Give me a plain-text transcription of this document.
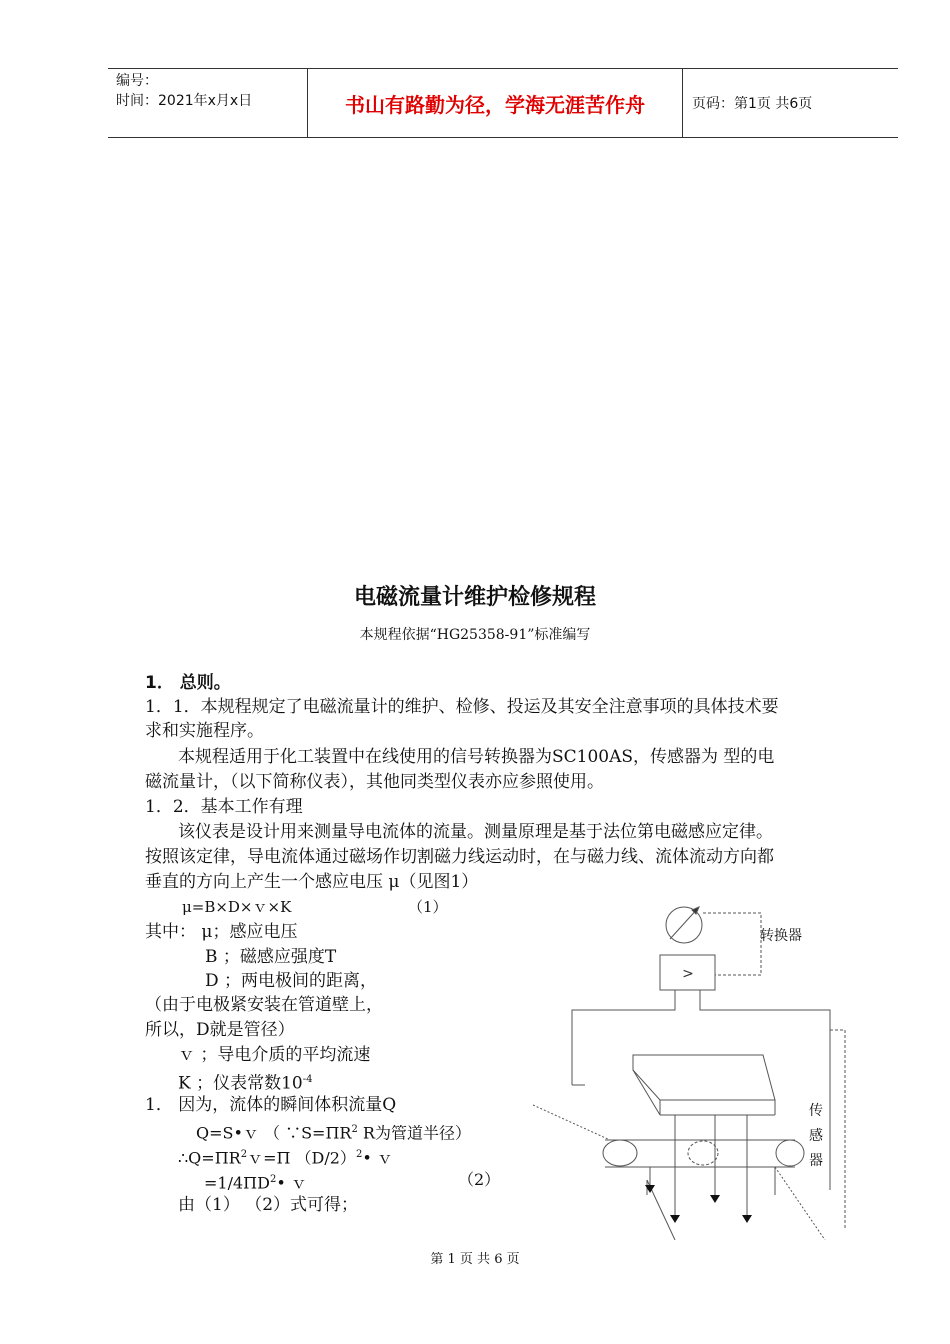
编号：
时间：2021年x月x日	书山有路勤为径，学海无涯苦作舟	页码：第1页 共6页
电磁流量计维护检修规程
本规程依据“HG25358-91”标准编写
1． 总则。
1．1．本规程规定了电磁流量计的维护、检修、投运及其安全注意事项的具体技术要
求和实施程序。
本规程适用于化工装置中在线使用的信号转换器为SC100AS，传感器为 型的电
磁流量计，（以下简称仪表），其他同类型仪表亦应参照使用。
1．2．基本工作有理
该仪表是设计用来测量导电流体的流量。测量原理是基于法位第电磁感应定律。
按照该定律，导电流体通过磁场作切割磁力线运动时，在与磁力线、流体流动方向都
垂直的方向上产生一个感应电压 μ（见图1）
μ=B×D×ｖ×K	（1）
其中： μ；感应电压
B ；磁感应强度T
D ；两电极间的距离，
（由于电极紧安装在管道壁上，
所以，D就是管径）
ｖ ；导电介质的平均流速
K ；仪表常数$10^{-4}$
1． 因为，流体的瞬间体积流量Q
Q=S•ｖ （ $\because S=\Pi R^2$ R为管道半径）
$\therefore Q=\Pi R^2v=\Pi$ $(D/2)^2•$ ｖ
$=1/4\Pi D^2•$ ｖ	（2）
由（1） （2）式可得；
>
转换器
传
感
器
第 1 页 共 6 页
